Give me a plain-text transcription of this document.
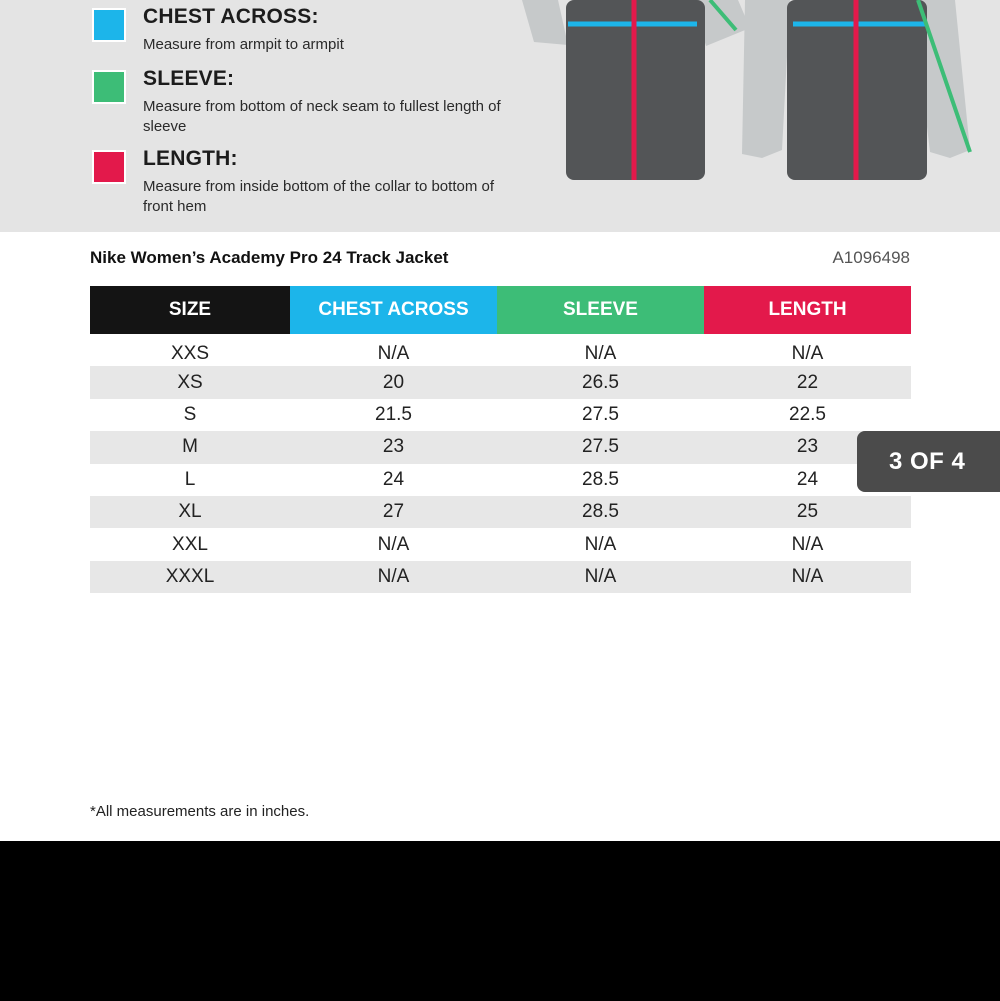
CHEST ACROSS:
Measure from armpit to armpit
SLEEVE:
Measure from bottom of neck seam to fullest length of sleeve
LENGTH:
Measure from inside bottom of the collar to bottom of front hem
Nike Women’s Academy Pro 24 Track Jacket	A1096498
SIZE	CHEST ACROSS	SLEEVE	LENGTH
XXS	N/A	N/A	N/A
XS	20	26.5	22
S	21.5	27.5	22.5
M	23	27.5	23
L	24	28.5	24
XL	27	28.5	25
XXL	N/A	N/A	N/A
XXXL	N/A	N/A	N/A
*All measurements are in inches.
3 OF 4
